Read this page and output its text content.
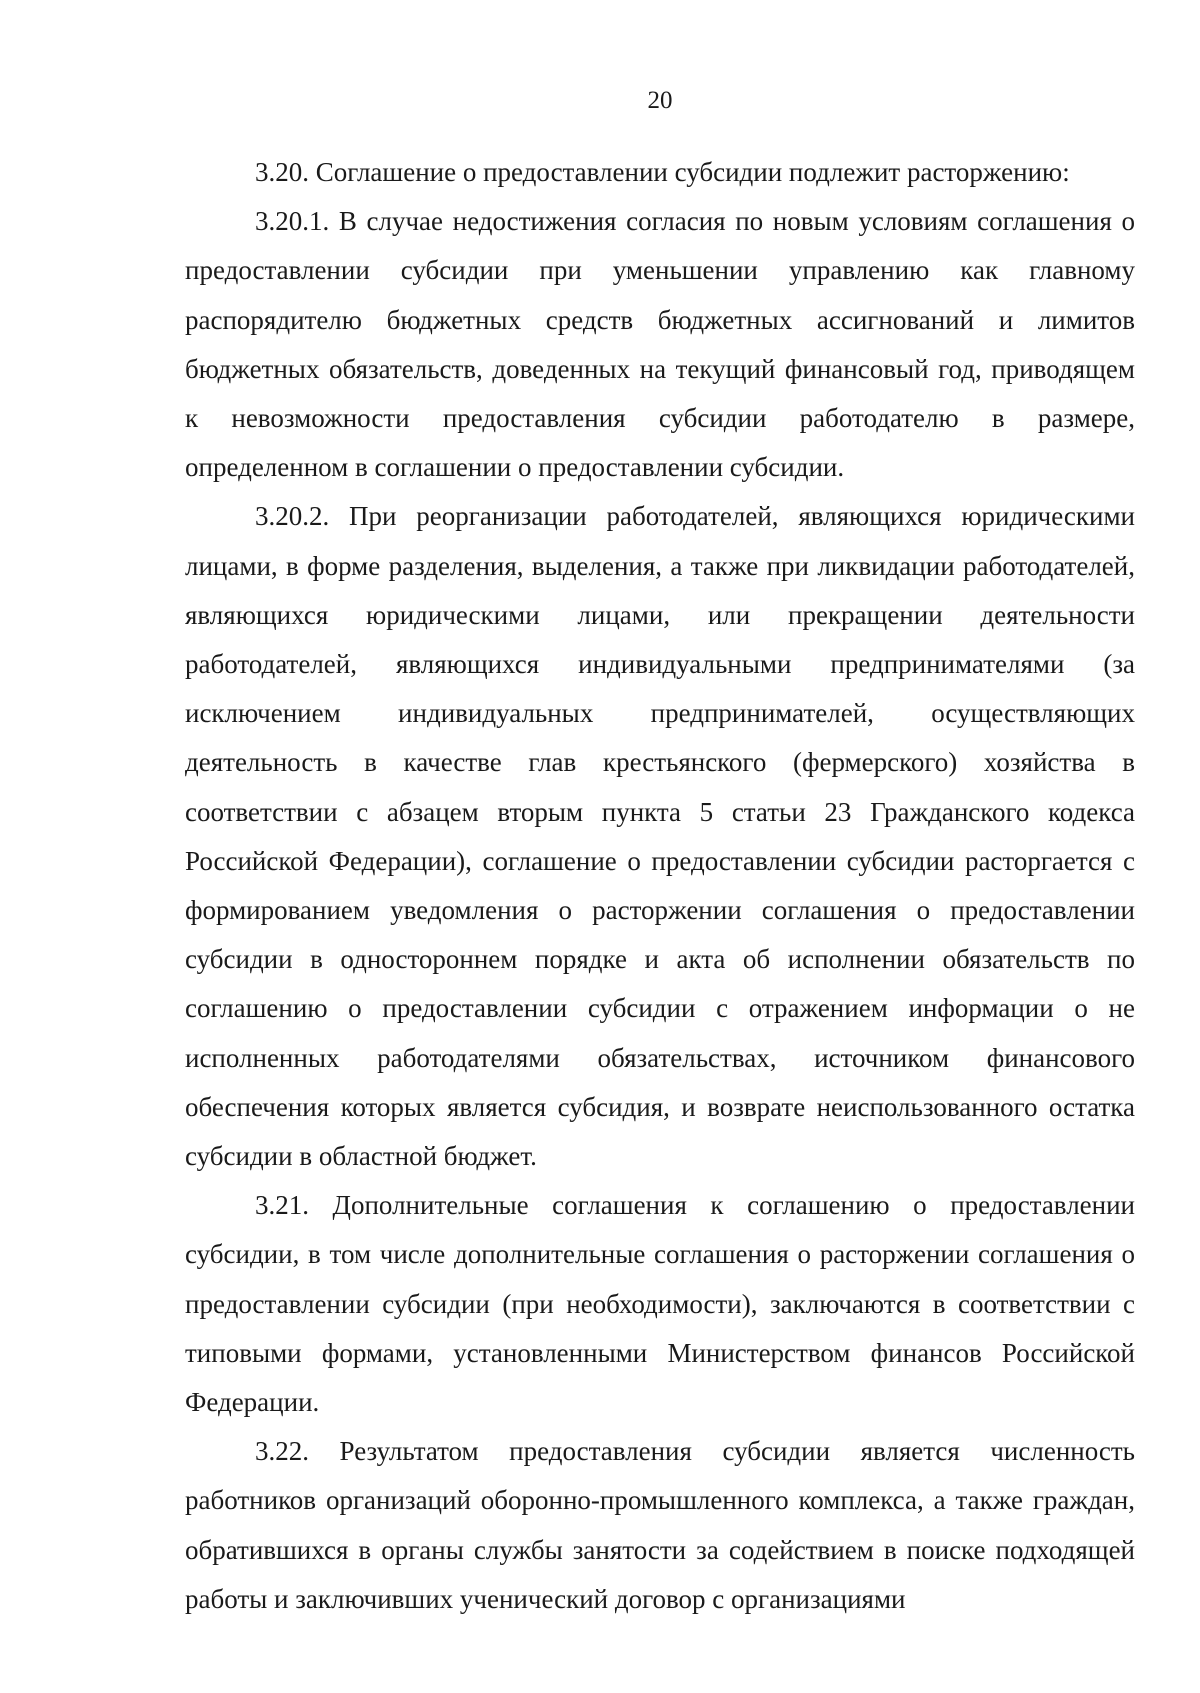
20

3.20. Соглашение о предоставлении субсидии подлежит расторжению:

3.20.1. В случае недостижения согласия по новым условиям соглашения о предоставлении субсидии при уменьшении управлению как главному распорядителю бюджетных средств бюджетных ассигнований и лимитов бюджетных обязательств, доведенных на текущий финансовый год, приводящем к невозможности предоставления субсидии работодателю в размере, определенном в соглашении о предоставлении субсидии.

3.20.2. При реорганизации работодателей, являющихся юридическими лицами, в форме разделения, выделения, а также при ликвидации работодателей, являющихся юридическими лицами, или прекращении деятельности работодателей, являющихся индивидуальными предпринимателями (за исключением индивидуальных предпринимателей, осуществляющих деятельность в качестве глав крестьянского (фермерского) хозяйства в соответствии с абзацем вторым пункта 5 статьи 23 Гражданского кодекса Российской Федерации), соглашение о предоставлении субсидии расторгается с формированием уведомления о расторжении соглашения о предоставлении субсидии в одностороннем порядке и акта об исполнении обязательств по соглашению о предоставлении субсидии с отражением информации о не исполненных работодателями обязательствах, источником финансового обеспечения которых является субсидия, и возврате неиспользованного остатка субсидии в областной бюджет.

3.21. Дополнительные соглашения к соглашению о предоставлении субсидии, в том числе дополнительные соглашения о расторжении соглашения о предоставлении субсидии (при необходимости), заключаются в соответствии с типовыми формами, установленными Министерством финансов Российской Федерации.

3.22. Результатом предоставления субсидии является численность работников организаций оборонно-промышленного комплекса, а также граждан, обратившихся в органы службы занятости за содействием в поиске подходящей работы и заключивших ученический договор с организациями
